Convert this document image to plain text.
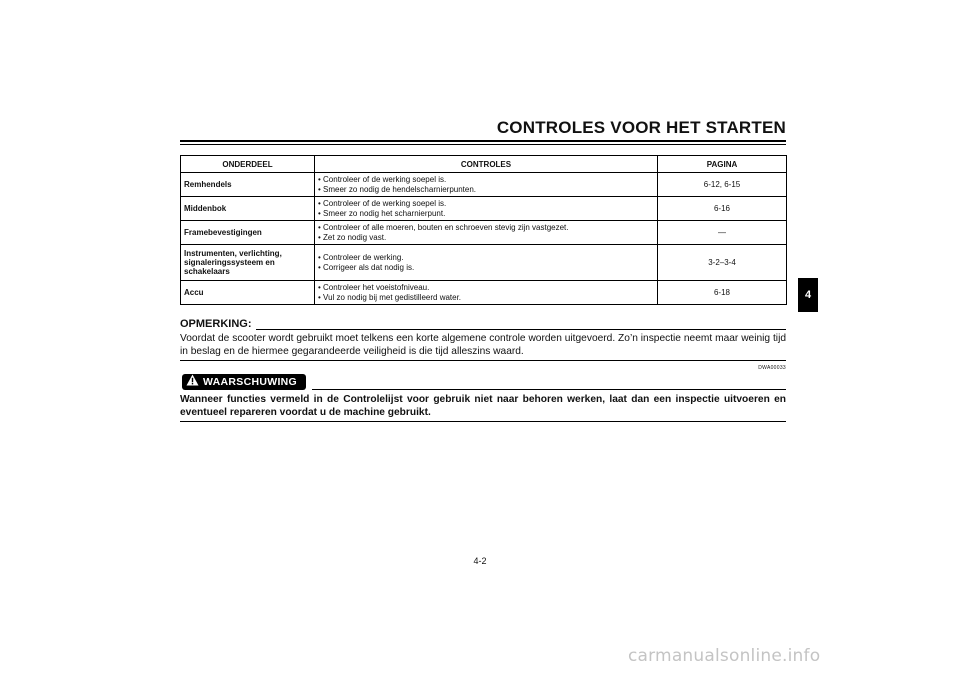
CONTROLES VOOR HET STARTEN
4
ONDERDEEL	CONTROLES	PAGINA
Remhendels	• Controleer of de werking soepel is.
• Smeer zo nodig de hendelscharnierpunten.	6-12, 6-15
Middenbok	• Controleer of de werking soepel is.
• Smeer zo nodig het scharnierpunt.	6-16
Framebevestigingen	• Controleer of alle moeren, bouten en schroeven stevig zijn vastgezet.
• Zet zo nodig vast.	—
Instrumenten, verlichting, signaleringssysteem en schakelaars	• Controleer de werking.
• Corrigeer als dat nodig is.	3-2–3-4
Accu	• Controleer het voeistofniveau.
• Vul zo nodig bij met gedistilleerd water.	6-18
OPMERKING:
Voordat de scooter wordt gebruikt moet telkens een korte algemene controle worden uitgevoerd. Zo’n inspectie neemt maar weinig tijd in beslag en de hiermee gegarandeerde veiligheid is die tijd alleszins waard.
DWA00033
WAARSCHUWING
Wanneer functies vermeld in de Controlelijst voor gebruik niet naar behoren werken, laat dan een inspectie uitvoeren en eventueel repareren voordat u de machine gebruikt.
4-2
carmanualsonline.info
